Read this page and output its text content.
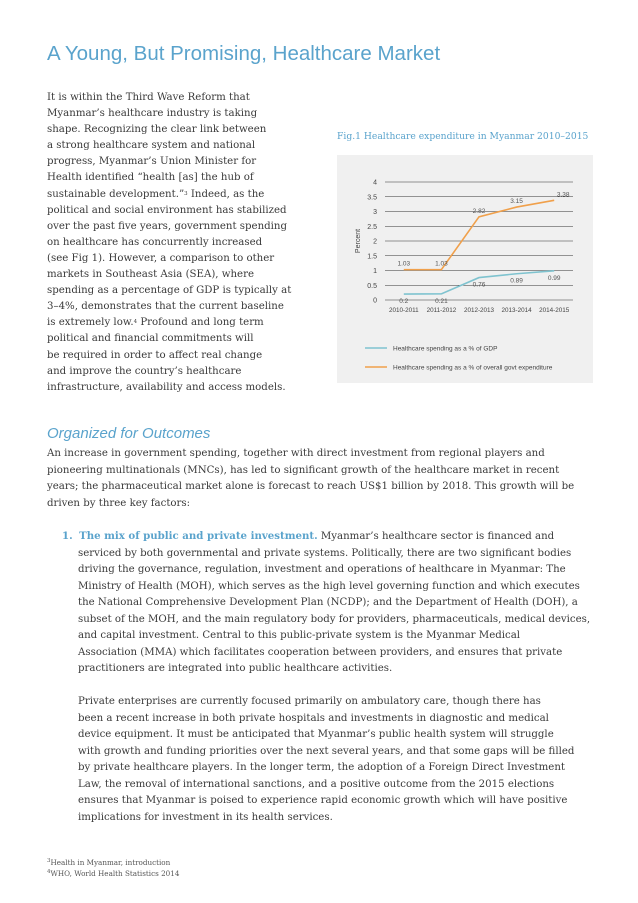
A Young, But Promising, Healthcare Market
It is within the Third Wave Reform that
Myanmar’s healthcare industry is taking
shape. Recognizing the clear link between
a strong healthcare system and national
progress, Myanmar’s Union Minister for
Health identified “health [as] the hub of
sustainable development.”$^3$ Indeed, as the
political and social environment has stabilized
over the past five years, government spending
on healthcare has concurrently increased
(see Fig 1). However, a comparison to other
markets in Southeast Asia (SEA), where
spending as a percentage of GDP is typically at
3–4%, demonstrates that the current baseline
is extremely low.$^4$ Profound and long term
political and financial commitments will
be required in order to affect real change
and improve the country’s healthcare
infrastructure, availability and access models.
Fig.1 Healthcare expenditure in Myanmar 2010–2015
0
0.5
1
1.5
2
2.5
3
3.5
4
Percent
2010-2011 2011-2012 2012-2013 2013-2014 2014-2015
0.2	0.21
0.76
0.89	0.99
Healthcare spending as a % of GDP
1.03	1.03
2.82
3.15
3.38
Healthcare spending as a % of overall govt expenditure
Organized for Outcomes
An increase in government spending, together with direct investment from regional players and
pioneering multinationals (MNCs), has led to significant growth of the healthcare market in recent
years; the pharmaceutical market alone is forecast to reach US$1 billion by 2018. This growth will be
driven by three key factors:
1. The mix of public and private investment. Myanmar’s healthcare sector is financed and
serviced by both governmental and private systems. Politically, there are two significant bodies
driving the governance, regulation, investment and operations of healthcare in Myanmar: The
Ministry of Health (MOH), which serves as the high level governing function and which executes
the National Comprehensive Development Plan (NCDP); and the Department of Health (DOH), a
subset of the MOH, and the main regulatory body for providers, pharmaceuticals, medical devices,
and capital investment. Central to this public-private system is the Myanmar Medical
Association (MMA) which facilitates cooperation between providers, and ensures that private
practitioners are integrated into public healthcare activities.
Private enterprises are currently focused primarily on ambulatory care, though there has
been a recent increase in both private hospitals and investments in diagnostic and medical
device equipment. It must be anticipated that Myanmar’s public health system will struggle
with growth and funding priorities over the next several years, and that some gaps will be filled
by private healthcare players. In the longer term, the adoption of a Foreign Direct Investment
Law, the removal of international sanctions, and a positive outcome from the 2015 elections
ensures that Myanmar is poised to experience rapid economic growth which will have positive
implications for investment in its health services.
$^3$Health in Myanmar, introduction
$^4$WHO, World Health Statistics 2014
